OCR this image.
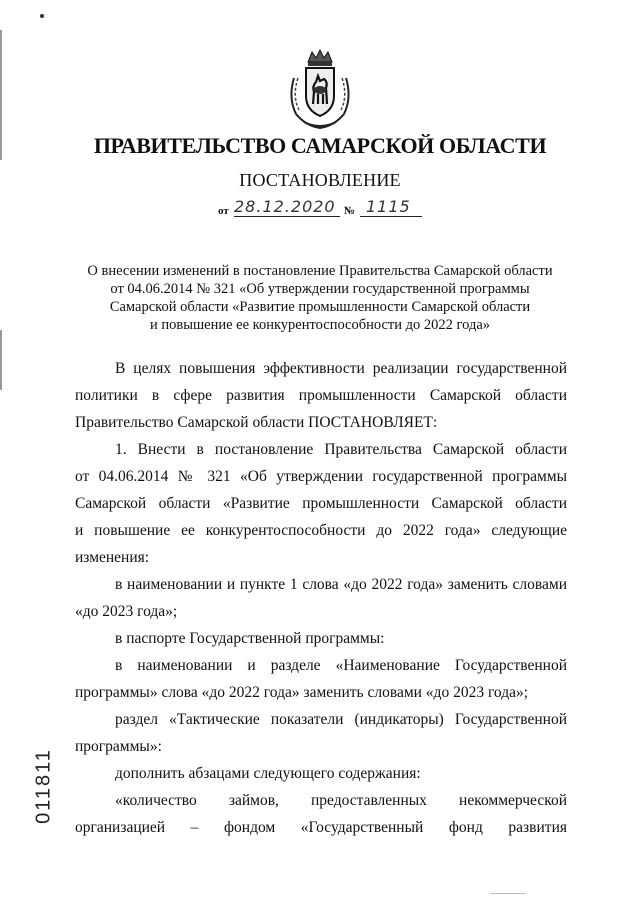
ПРАВИТЕЛЬСТВО САМАРСКОЙ ОБЛАСТИ
ПОСТАНОВЛЕНИЕ
от 28.12.2020 № 1115
О внесении изменений в постановление Правительства Самарской области
от 04.06.2014 № 321 «Об утверждении государственной программы
Самарской области «Развитие промышленности Самарской области
и повышение ее конкурентоспособности до 2022 года»
В целях повышения эффективности реализации государственной
политики в сфере развития промышленности Самарской области
Правительство Самарской области ПОСТАНОВЛЯЕТ:
1. Внести в постановление Правительства Самарской области
от 04.06.2014 № 321 «Об утверждении государственной программы
Самарской области «Развитие промышленности Самарской области
и повышение ее конкурентоспособности до 2022 года» следующие
изменения:
в наименовании и пункте 1 слова «до 2022 года» заменить словами
«до 2023 года»;
в паспорте Государственной программы:
в наименовании и разделе «Наименование Государственной
программы» слова «до 2022 года» заменить словами «до 2023 года»;
раздел «Тактические показатели (индикаторы) Государственной
программы»:
дополнить абзацами следующего содержания:
«количество займов, предоставленных некоммерческой
организацией – фондом «Государственный фонд развития
011811
